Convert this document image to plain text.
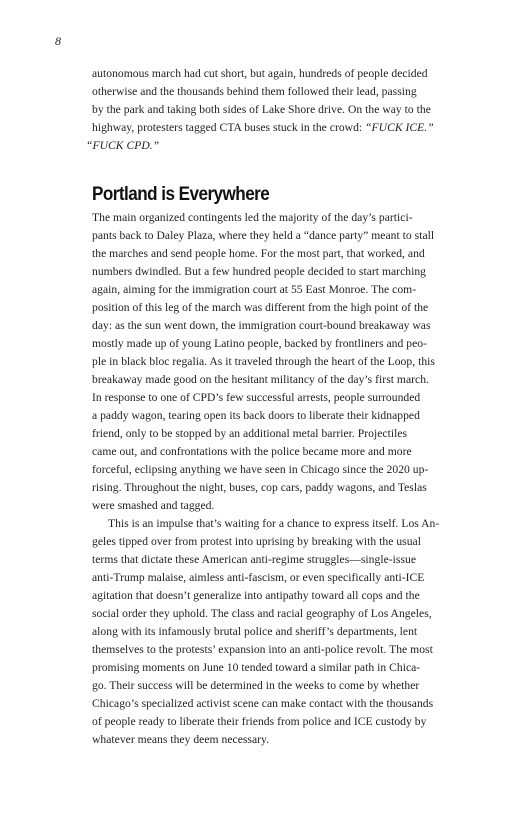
8
autonomous march had cut short, but again, hundreds of people decided
otherwise and the thousands behind them followed their lead, passing
by the park and taking both sides of Lake Shore drive. On the way to the
highway, protesters tagged CTA buses stuck in the crowd: “FUCK ICE.”
“FUCK CPD.”
Portland is Everywhere
The main organized contingents led the majority of the day’s partici-
pants back to Daley Plaza, where they held a “dance party” meant to stall
the marches and send people home. For the most part, that worked, and
numbers dwindled. But a few hundred people decided to start marching
again, aiming for the immigration court at 55 East Monroe. The com-
position of this leg of the march was different from the high point of the
day: as the sun went down, the immigration court-bound breakaway was
mostly made up of young Latino people, backed by frontliners and peo-
ple in black bloc regalia. As it traveled through the heart of the Loop, this
breakaway made good on the hesitant militancy of the day’s first march.
In response to one of CPD’s few successful arrests, people surrounded
a paddy wagon, tearing open its back doors to liberate their kidnapped
friend, only to be stopped by an additional metal barrier. Projectiles
came out, and confrontations with the police became more and more
forceful, eclipsing anything we have seen in Chicago since the 2020 up-
rising. Throughout the night, buses, cop cars, paddy wagons, and Teslas
were smashed and tagged.
This is an impulse that’s waiting for a chance to express itself. Los An-
geles tipped over from protest into uprising by breaking with the usual
terms that dictate these American anti-regime struggles—single-issue
anti-Trump malaise, aimless anti-fascism, or even specifically anti-ICE
agitation that doesn’t generalize into antipathy toward all cops and the
social order they uphold. The class and racial geography of Los Angeles,
along with its infamously brutal police and sheriff’s departments, lent
themselves to the protests’ expansion into an anti-police revolt. The most
promising moments on June 10 tended toward a similar path in Chica-
go. Their success will be determined in the weeks to come by whether
Chicago’s specialized activist scene can make contact with the thousands
of people ready to liberate their friends from police and ICE custody by
whatever means they deem necessary.
